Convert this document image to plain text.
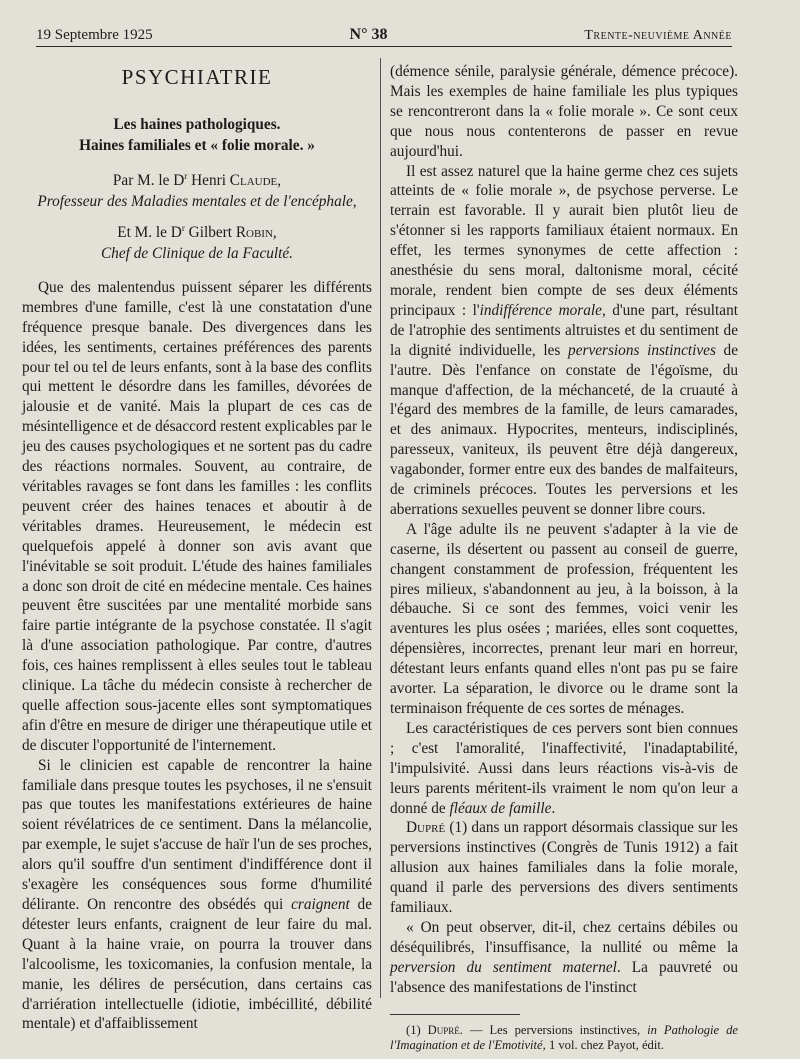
19 Septembre 1925	N° 38	Trente-neuvième Année
PSYCHIATRIE
Les haines pathologiques.
Haines familiales et « folie morale. »
Par M. le $D^r$ Henri Claude,
Professeur des Maladies mentales et de l'encéphale,
Et M. le $D^r$ Gilbert Robin,
Chef de Clinique de la Faculté.

Que des malentendus puissent séparer les différents membres d'une famille, c'est là une constatation d'une fréquence presque banale. Des divergences dans les idées, les sentiments, certaines préférences des parents pour tel ou tel de leurs enfants, sont à la base des conflits qui mettent le désordre dans les familles, dévorées de jalousie et de vanité. Mais la plupart de ces cas de mésintelligence et de désaccord restent explicables par le jeu des causes psychologiques et ne sortent pas du cadre des réactions normales. Souvent, au contraire, de véritables ravages se font dans les familles : les conflits peuvent créer des haines tenaces et aboutir à de véritables drames. Heureusement, le médecin est quelquefois appelé à donner son avis avant que l'inévitable se soit produit. L'étude des haines familiales a donc son droit de cité en médecine mentale. Ces haines peuvent être suscitées par une mentalité morbide sans faire partie intégrante de la psychose constatée. Il s'agit là d'une association pathologique. Par contre, d'autres fois, ces haines remplissent à elles seules tout le tableau clinique. La tâche du médecin consiste à rechercher de quelle affection sous-jacente elles sont symptomatiques afin d'être en mesure de diriger une thérapeutique utile et de discuter l'opportunité de l'internement.

Si le clinicien est capable de rencontrer la haine familiale dans presque toutes les psychoses, il ne s'ensuit pas que toutes les manifestations extérieures de haine soient révélatrices de ce sentiment. Dans la mélancolie, par exemple, le sujet s'accuse de haïr l'un de ses proches, alors qu'il souffre d'un sentiment d'indifférence dont il s'exagère les conséquences sous forme d'humilité délirante. On rencontre des obsédés qui craignent de détester leurs enfants, craignent de leur faire du mal. Quant à la haine vraie, on pourra la trouver dans l'alcoolisme, les toxicomanies, la confusion mentale, la manie, les délires de persécution, dans certains cas d'arriération intellectuelle (idiotie, imbécillité, débilité mentale) et d'affaiblissement

(démence sénile, paralysie générale, démence précoce). Mais les exemples de haine familiale les plus typiques se rencontreront dans la « folie morale ». Ce sont ceux que nous nous contenterons de passer en revue aujourd'hui.

Il est assez naturel que la haine germe chez ces sujets atteints de « folie morale », de psychose perverse. Le terrain est favorable. Il y aurait bien plutôt lieu de s'étonner si les rapports familiaux étaient normaux. En effet, les termes synonymes de cette affection : anesthésie du sens moral, daltonisme moral, cécité morale, rendent bien compte de ses deux éléments principaux : l'indifférence morale, d'une part, résultant de l'atrophie des sentiments altruistes et du sentiment de la dignité individuelle, les perversions instinctives de l'autre. Dès l'enfance on constate de l'égoïsme, du manque d'affection, de la méchanceté, de la cruauté à l'égard des membres de la famille, de leurs camarades, et des animaux. Hypocrites, menteurs, indisciplinés, paresseux, vaniteux, ils peuvent être déjà dangereux, vagabonder, former entre eux des bandes de malfaiteurs, de criminels précoces. Toutes les perversions et les aberrations sexuelles peuvent se donner libre cours.

A l'âge adulte ils ne peuvent s'adapter à la vie de caserne, ils désertent ou passent au conseil de guerre, changent constamment de profession, fréquentent les pires milieux, s'abandonnent au jeu, à la boisson, à la débauche. Si ce sont des femmes, voici venir les aventures les plus osées ; mariées, elles sont coquettes, dépensières, incorrectes, prenant leur mari en horreur, détestant leurs enfants quand elles n'ont pas pu se faire avorter. La séparation, le divorce ou le drame sont la terminaison fréquente de ces sortes de ménages.

Les caractéristiques de ces pervers sont bien connues ; c'est l'amoralité, l'inaffectivité, l'inadaptabilité, l'impulsivité. Aussi dans leurs réactions vis-à-vis de leurs parents méritent-ils vraiment le nom qu'on leur a donné de fléaux de famille.

Dupré (1) dans un rapport désormais classique sur les perversions instinctives (Congrès de Tunis 1912) a fait allusion aux haines familiales dans la folie morale, quand il parle des perversions des divers sentiments familiaux.

« On peut observer, dit-il, chez certains débiles ou déséquilibrés, l'insuffisance, la nullité ou même la perversion du sentiment maternel. La pauvreté ou l'absence des manifestations de l'instinct

(1) Dupré. — Les perversions instinctives, in Pathologie de l'Imagination et de l'Emotivité, 1 vol. chez Payot, édit.
